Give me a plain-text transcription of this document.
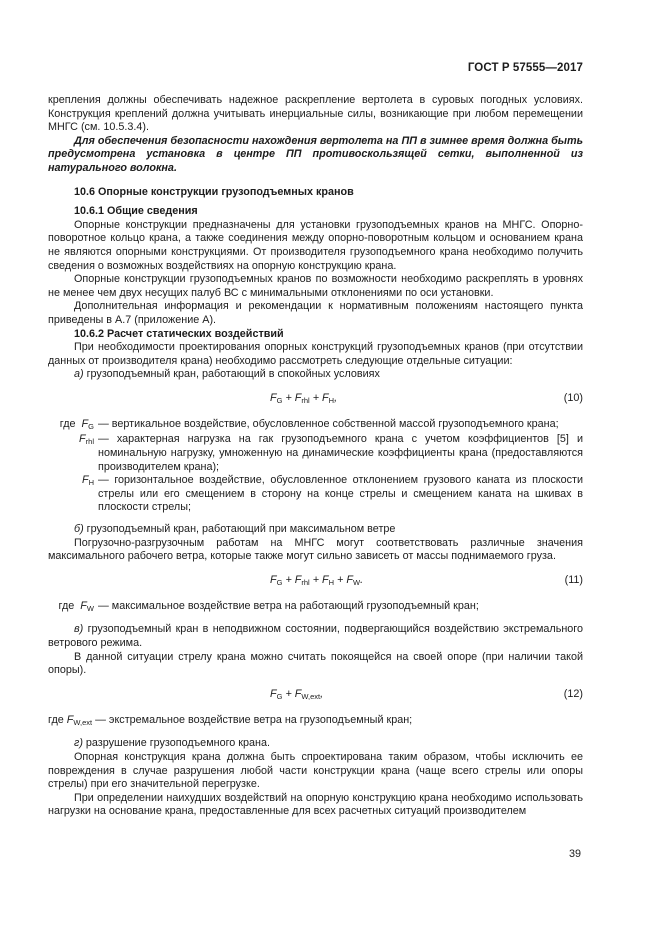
ГОСТ Р 57555—2017

крепления должны обеспечивать надежное раскрепление вертолета в суровых погодных условиях. Конструкция креплений должна учитывать инерциальные силы, возникающие при любом перемещении МНГС (см. 10.5.3.4).

Для обеспечения безопасности нахождения вертолета на ПП в зимнее время должна быть предусмотрена установка в центре ПП противоскользящей сетки, выполненной из натурального волокна.

10.6 Опорные конструкции грузоподъемных кранов

10.6.1 Общие сведения

Опорные конструкции предназначены для установки грузоподъемных кранов на МНГС. Опорно-поворотное кольцо крана, а также соединения между опорно-поворотным кольцом и основанием крана не являются опорными конструкциями. От производителя грузоподъемного крана необходимо получить сведения о возможных воздействиях на опорную конструкцию крана.

Опорные конструкции грузоподъемных кранов по возможности необходимо раскреплять в уровнях не менее чем двух несущих палуб ВС с минимальными отклонениями по оси установки.

Дополнительная информация и рекомендации к нормативным положениям настоящего пункта приведены в А.7 (приложение А).

10.6.2 Расчет статических воздействий

При необходимости проектирования опорных конструкций грузоподъемных кранов (при отсутствии данных от производителя крана) необходимо рассмотреть следующие отдельные ситуации:

а) грузоподъемный кран, работающий в спокойных условиях

$F_G + F_{rhl} + F_H$,	(10)
где $F_G$ — вертикальное воздействие, обусловленное собственной массой грузоподъемного крана;
$F_{rhl}$ — характерная нагрузка на гак грузоподъемного крана с учетом коэффициентов [5] и номинальную нагрузку, умноженную на динамические коэффициенты крана (предоставляются производителем крана);
$F_H$ — горизонтальное воздействие, обусловленное отклонением грузового каната из плоскости стрелы или его смещением в сторону на конце стрелы и смещением каната на шкивах в плоскости стрелы;

б) грузоподъемный кран, работающий при максимальном ветре

Погрузочно-разгрузочным работам на МНГС могут соответствовать различные значения максимального рабочего ветра, которые также могут сильно зависеть от массы поднимаемого груза.

$F_G + F_{rhl} + F_H + F_W$.	(11)
где $F_W$ — максимальное воздействие ветра на работающий грузоподъемный кран;

в) грузоподъемный кран в неподвижном состоянии, подвергающийся воздействию экстремального ветрового режима.

В данной ситуации стрелу крана можно считать покоящейся на своей опоре (при наличии такой опоры).

$F_G + F_{W,ext}$,	(12)

где $F_{W,ext}$ — экстремальное воздействие ветра на грузоподъемный кран;

г) разрушение грузоподъемного крана.

Опорная конструкция крана должна быть спроектирована таким образом, чтобы исключить ее повреждения в случае разрушения любой части конструкции крана (чаще всего стрелы или опоры стрелы) при его значительной перегрузке.

При определении наихудших воздействий на опорную конструкцию крана необходимо использовать нагрузки на основание крана, предоставленные для всех расчетных ситуаций производителем

39
